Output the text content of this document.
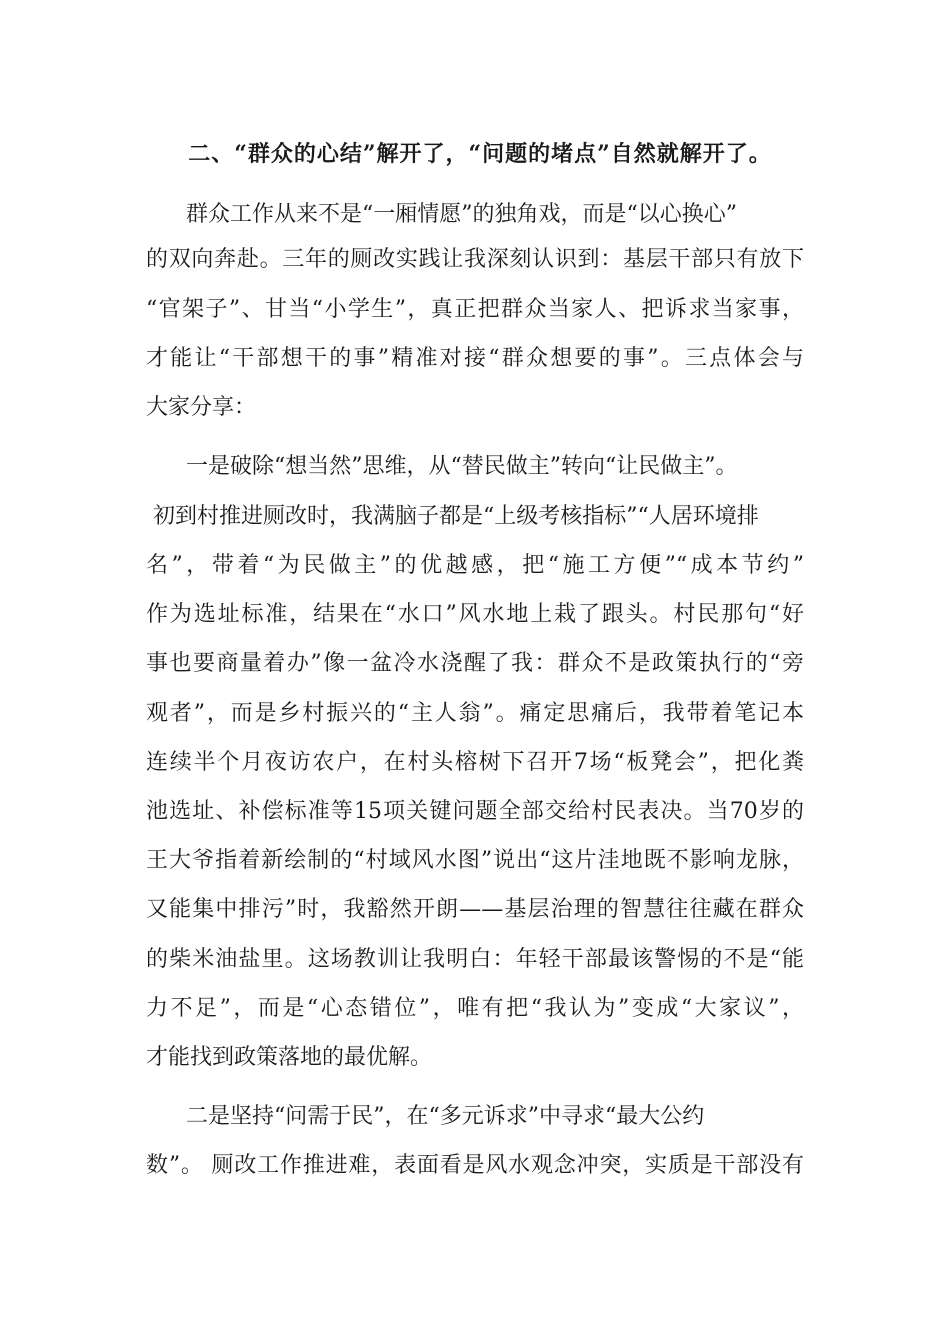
二、“群众的心结”解开了，“问题的堵点”自然就解开了。
群众工作从来不是“一厢情愿”的独角戏，而是“以心换心”
的双向奔赴。三年的厕改实践让我深刻认识到：基层干部只有放下
“官架子”、甘当“小学生”，真正把群众当家人、把诉求当家事，
才能让“干部想干的事”精准对接“群众想要的事”。三点体会与
大家分享：
一是破除“想当然”思维，从“替民做主”转向“让民做主”。
初到村推进厕改时，我满脑子都是“上级考核指标”“人居环境排
名”，带着“为民做主”的优越感，把“施工方便”“成本节约”
作为选址标准，结果在“水口”风水地上栽了跟头。村民那句“好
事也要商量着办”像一盆冷水浇醒了我：群众不是政策执行的“旁
观者”，而是乡村振兴的“主人翁”。痛定思痛后，我带着笔记本
连续半个月夜访农户，在村头榕树下召开7场“板凳会”，把化粪
池选址、补偿标准等15项关键问题全部交给村民表决。当70岁的
王大爷指着新绘制的“村域风水图”说出“这片洼地既不影响龙脉，
又能集中排污”时，我豁然开朗——基层治理的智慧往往藏在群众
的柴米油盐里。这场教训让我明白：年轻干部最该警惕的不是“能
力不足”，而是“心态错位”，唯有把“我认为”变成“大家议”，
才能找到政策落地的最优解。
二是坚持“问需于民”，在“多元诉求”中寻求“最大公约
数”。 厕改工作推进难，表面看是风水观念冲突，实质是干部没有
